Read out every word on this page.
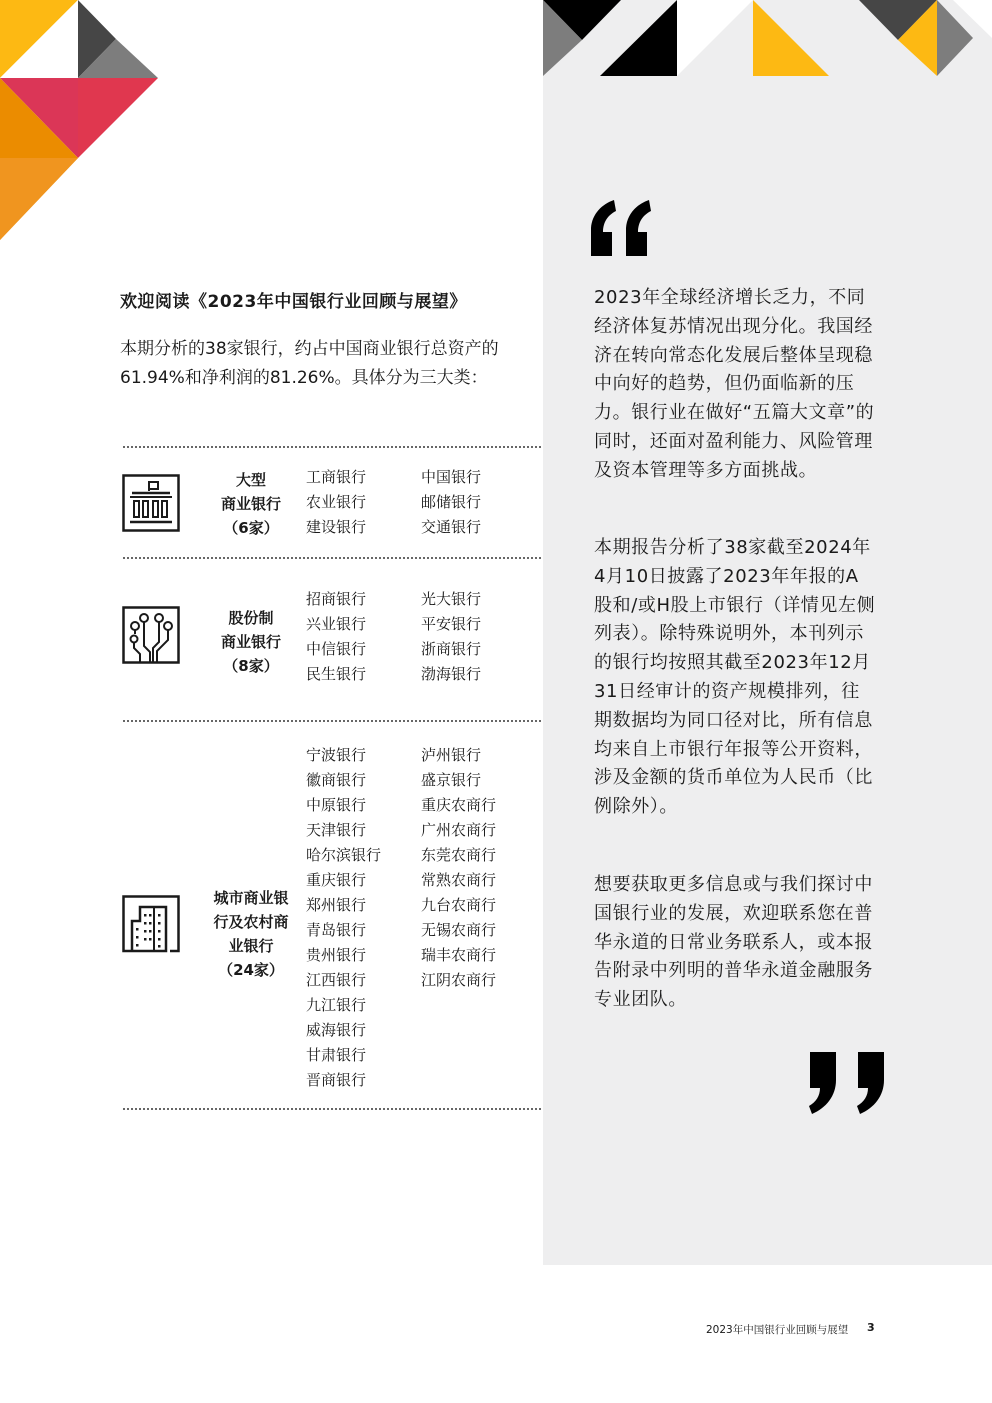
欢迎阅读《2023年中国银行业回顾与展望》

本期分析的38家银行，约占中国商业银行总资产的61.94%和净利润的81.26%。具体分为三大类：

大型
商业银行
（6家）
工商银行
农业银行
建设银行
中国银行
邮储银行
交通银行
股份制
商业银行
（8家）
招商银行
兴业银行
中信银行
民生银行
光大银行
平安银行
浙商银行
渤海银行
城市商业银
行及农村商
业银行
（24家）
宁波银行
徽商银行
中原银行
天津银行
哈尔滨银行
重庆银行
郑州银行
青岛银行
贵州银行
江西银行
九江银行
威海银行
甘肃银行
晋商银行
泸州银行
盛京银行
重庆农商行
广州农商行
东莞农商行
常熟农商行
九台农商行
无锡农商行
瑞丰农商行
江阴农商行

2023年全球经济增长乏力，不同经济体复苏情况出现分化。我国经济在转向常态化发展后整体呈现稳中向好的趋势，但仍面临新的压力。银行业在做好“五篇大文章”的同时，还面对盈利能力、风险管理及资本管理等多方面挑战。

本期报告分析了38家截至2024年4月10日披露了2023年年报的A股和/或H股上市银行（详情见左侧列表）。除特殊说明外，本刊列示的银行均按照其截至2023年12月31日经审计的资产规模排列，往期数据均为同口径对比，所有信息均来自上市银行年报等公开资料，涉及金额的货币单位为人民币（比例除外）。

想要获取更多信息或与我们探讨中国银行业的发展，欢迎联系您在普华永道的日常业务联系人，或本报告附录中列明的普华永道金融服务专业团队。

2023年中国银行业回顾与展望 3
